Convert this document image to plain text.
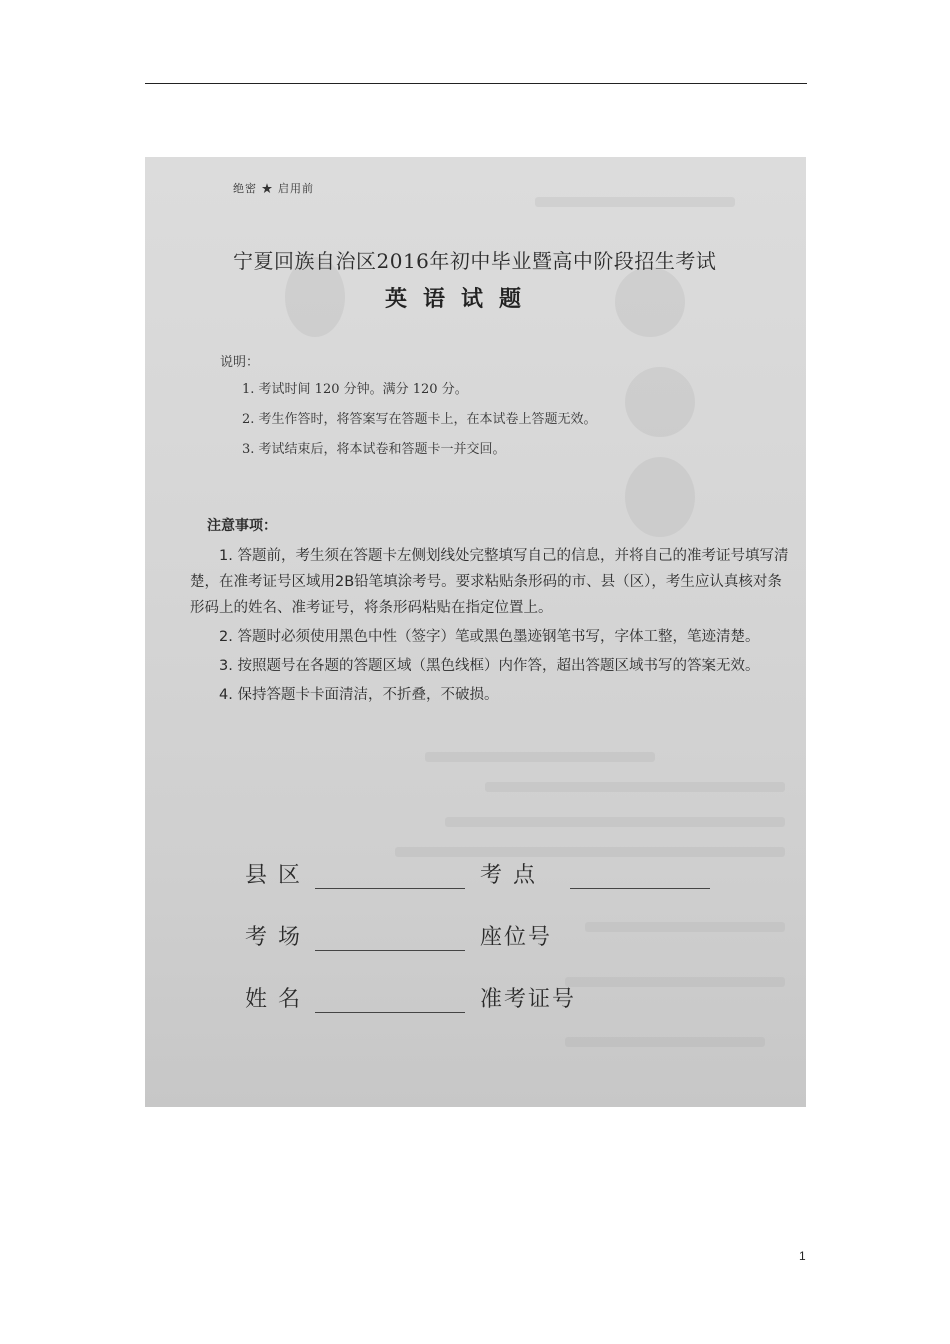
绝密 ★ 启用前
宁夏回族自治区2016年初中毕业暨高中阶段招生考试
英语试题
说明：
1. 考试时间 120 分钟。满分 120 分。
2. 考生作答时，将答案写在答题卡上，在本试卷上答题无效。
3. 考试结束后，将本试卷和答题卡一并交回。
注意事项：

1. 答题前，考生须在答题卡左侧划线处完整填写自己的信息，并将自己的准考证号填写清楚，在准考证号区域用2B铅笔填涂考号。要求粘贴条形码的市、县（区），考生应认真核对条形码上的姓名、准考证号，将条形码粘贴在指定位置上。

2. 答题时必须使用黑色中性（签字）笔或黑色墨迹钢笔书写，字体工整，笔迹清楚。

3. 按照题号在各题的答题区域（黑色线框）内作答，超出答题区域书写的答案无效。

4. 保持答题卡卡面清洁，不折叠，不破损。

县 区	考 点
考 场	座位号
姓 名	准考证号
1
